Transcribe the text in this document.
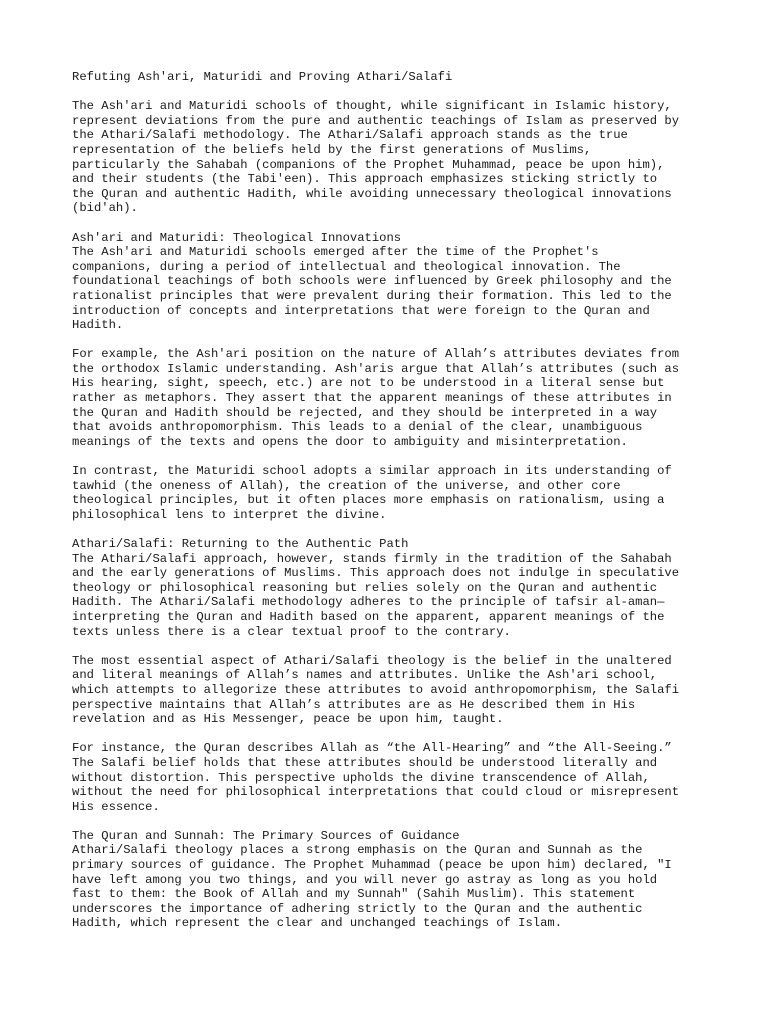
Refuting Ash'ari, Maturidi and Proving Athari/Salafi
The Ash'ari and Maturidi schools of thought, while significant in Islamic history,
represent deviations from the pure and authentic teachings of Islam as preserved by
the Athari/Salafi methodology. The Athari/Salafi approach stands as the true
representation of the beliefs held by the first generations of Muslims,
particularly the Sahabah (companions of the Prophet Muhammad, peace be upon him),
and their students (the Tabi'een). This approach emphasizes sticking strictly to
the Quran and authentic Hadith, while avoiding unnecessary theological innovations
(bid'ah).
Ash'ari and Maturidi: Theological Innovations
The Ash'ari and Maturidi schools emerged after the time of the Prophet's
companions, during a period of intellectual and theological innovation. The
foundational teachings of both schools were influenced by Greek philosophy and the
rationalist principles that were prevalent during their formation. This led to the
introduction of concepts and interpretations that were foreign to the Quran and
Hadith.
For example, the Ash'ari position on the nature of Allah’s attributes deviates from
the orthodox Islamic understanding. Ash'aris argue that Allah’s attributes (such as
His hearing, sight, speech, etc.) are not to be understood in a literal sense but
rather as metaphors. They assert that the apparent meanings of these attributes in
the Quran and Hadith should be rejected, and they should be interpreted in a way
that avoids anthropomorphism. This leads to a denial of the clear, unambiguous
meanings of the texts and opens the door to ambiguity and misinterpretation.
In contrast, the Maturidi school adopts a similar approach in its understanding of
tawhid (the oneness of Allah), the creation of the universe, and other core
theological principles, but it often places more emphasis on rationalism, using a
philosophical lens to interpret the divine.
Athari/Salafi: Returning to the Authentic Path
The Athari/Salafi approach, however, stands firmly in the tradition of the Sahabah
and the early generations of Muslims. This approach does not indulge in speculative
theology or philosophical reasoning but relies solely on the Quran and authentic
Hadith. The Athari/Salafi methodology adheres to the principle of tafsir al-aman—
interpreting the Quran and Hadith based on the apparent, apparent meanings of the
texts unless there is a clear textual proof to the contrary.
The most essential aspect of Athari/Salafi theology is the belief in the unaltered
and literal meanings of Allah’s names and attributes. Unlike the Ash'ari school,
which attempts to allegorize these attributes to avoid anthropomorphism, the Salafi
perspective maintains that Allah’s attributes are as He described them in His
revelation and as His Messenger, peace be upon him, taught.
For instance, the Quran describes Allah as “the All-Hearing” and “the All-Seeing.”
The Salafi belief holds that these attributes should be understood literally and
without distortion. This perspective upholds the divine transcendence of Allah,
without the need for philosophical interpretations that could cloud or misrepresent
His essence.
The Quran and Sunnah: The Primary Sources of Guidance
Athari/Salafi theology places a strong emphasis on the Quran and Sunnah as the
primary sources of guidance. The Prophet Muhammad (peace be upon him) declared, "I
have left among you two things, and you will never go astray as long as you hold
fast to them: the Book of Allah and my Sunnah" (Sahih Muslim). This statement
underscores the importance of adhering strictly to the Quran and the authentic
Hadith, which represent the clear and unchanged teachings of Islam.
